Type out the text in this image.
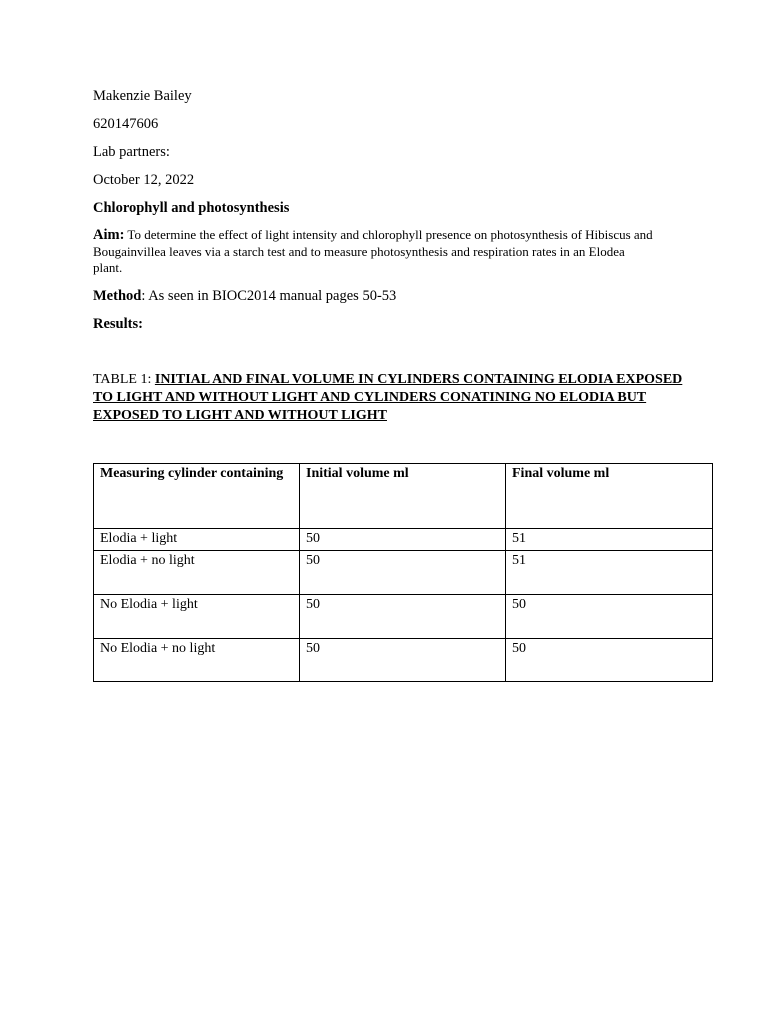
Makenzie Bailey
620147606
Lab partners:
October 12, 2022
Chlorophyll and photosynthesis
Aim: To determine the effect of light intensity and chlorophyll presence on photosynthesis of Hibiscus and Bougainvillea leaves via a starch test and to measure photosynthesis and respiration rates in an Elodea plant.
Method: As seen in BIOC2014 manual pages 50-53
Results:
TABLE 1: INITIAL AND FINAL VOLUME IN CYLINDERS CONTAINING ELODIA EXPOSED TO LIGHT AND WITHOUT LIGHT AND CYLINDERS CONATINING NO ELODIA BUT EXPOSED TO LIGHT AND WITHOUT LIGHT
Measuring cylinder containing	Initial volume ml	Final volume ml
Elodia + light	50	51
Elodia + no light	50	51
No Elodia + light	50	50
No Elodia + no light	50	50
